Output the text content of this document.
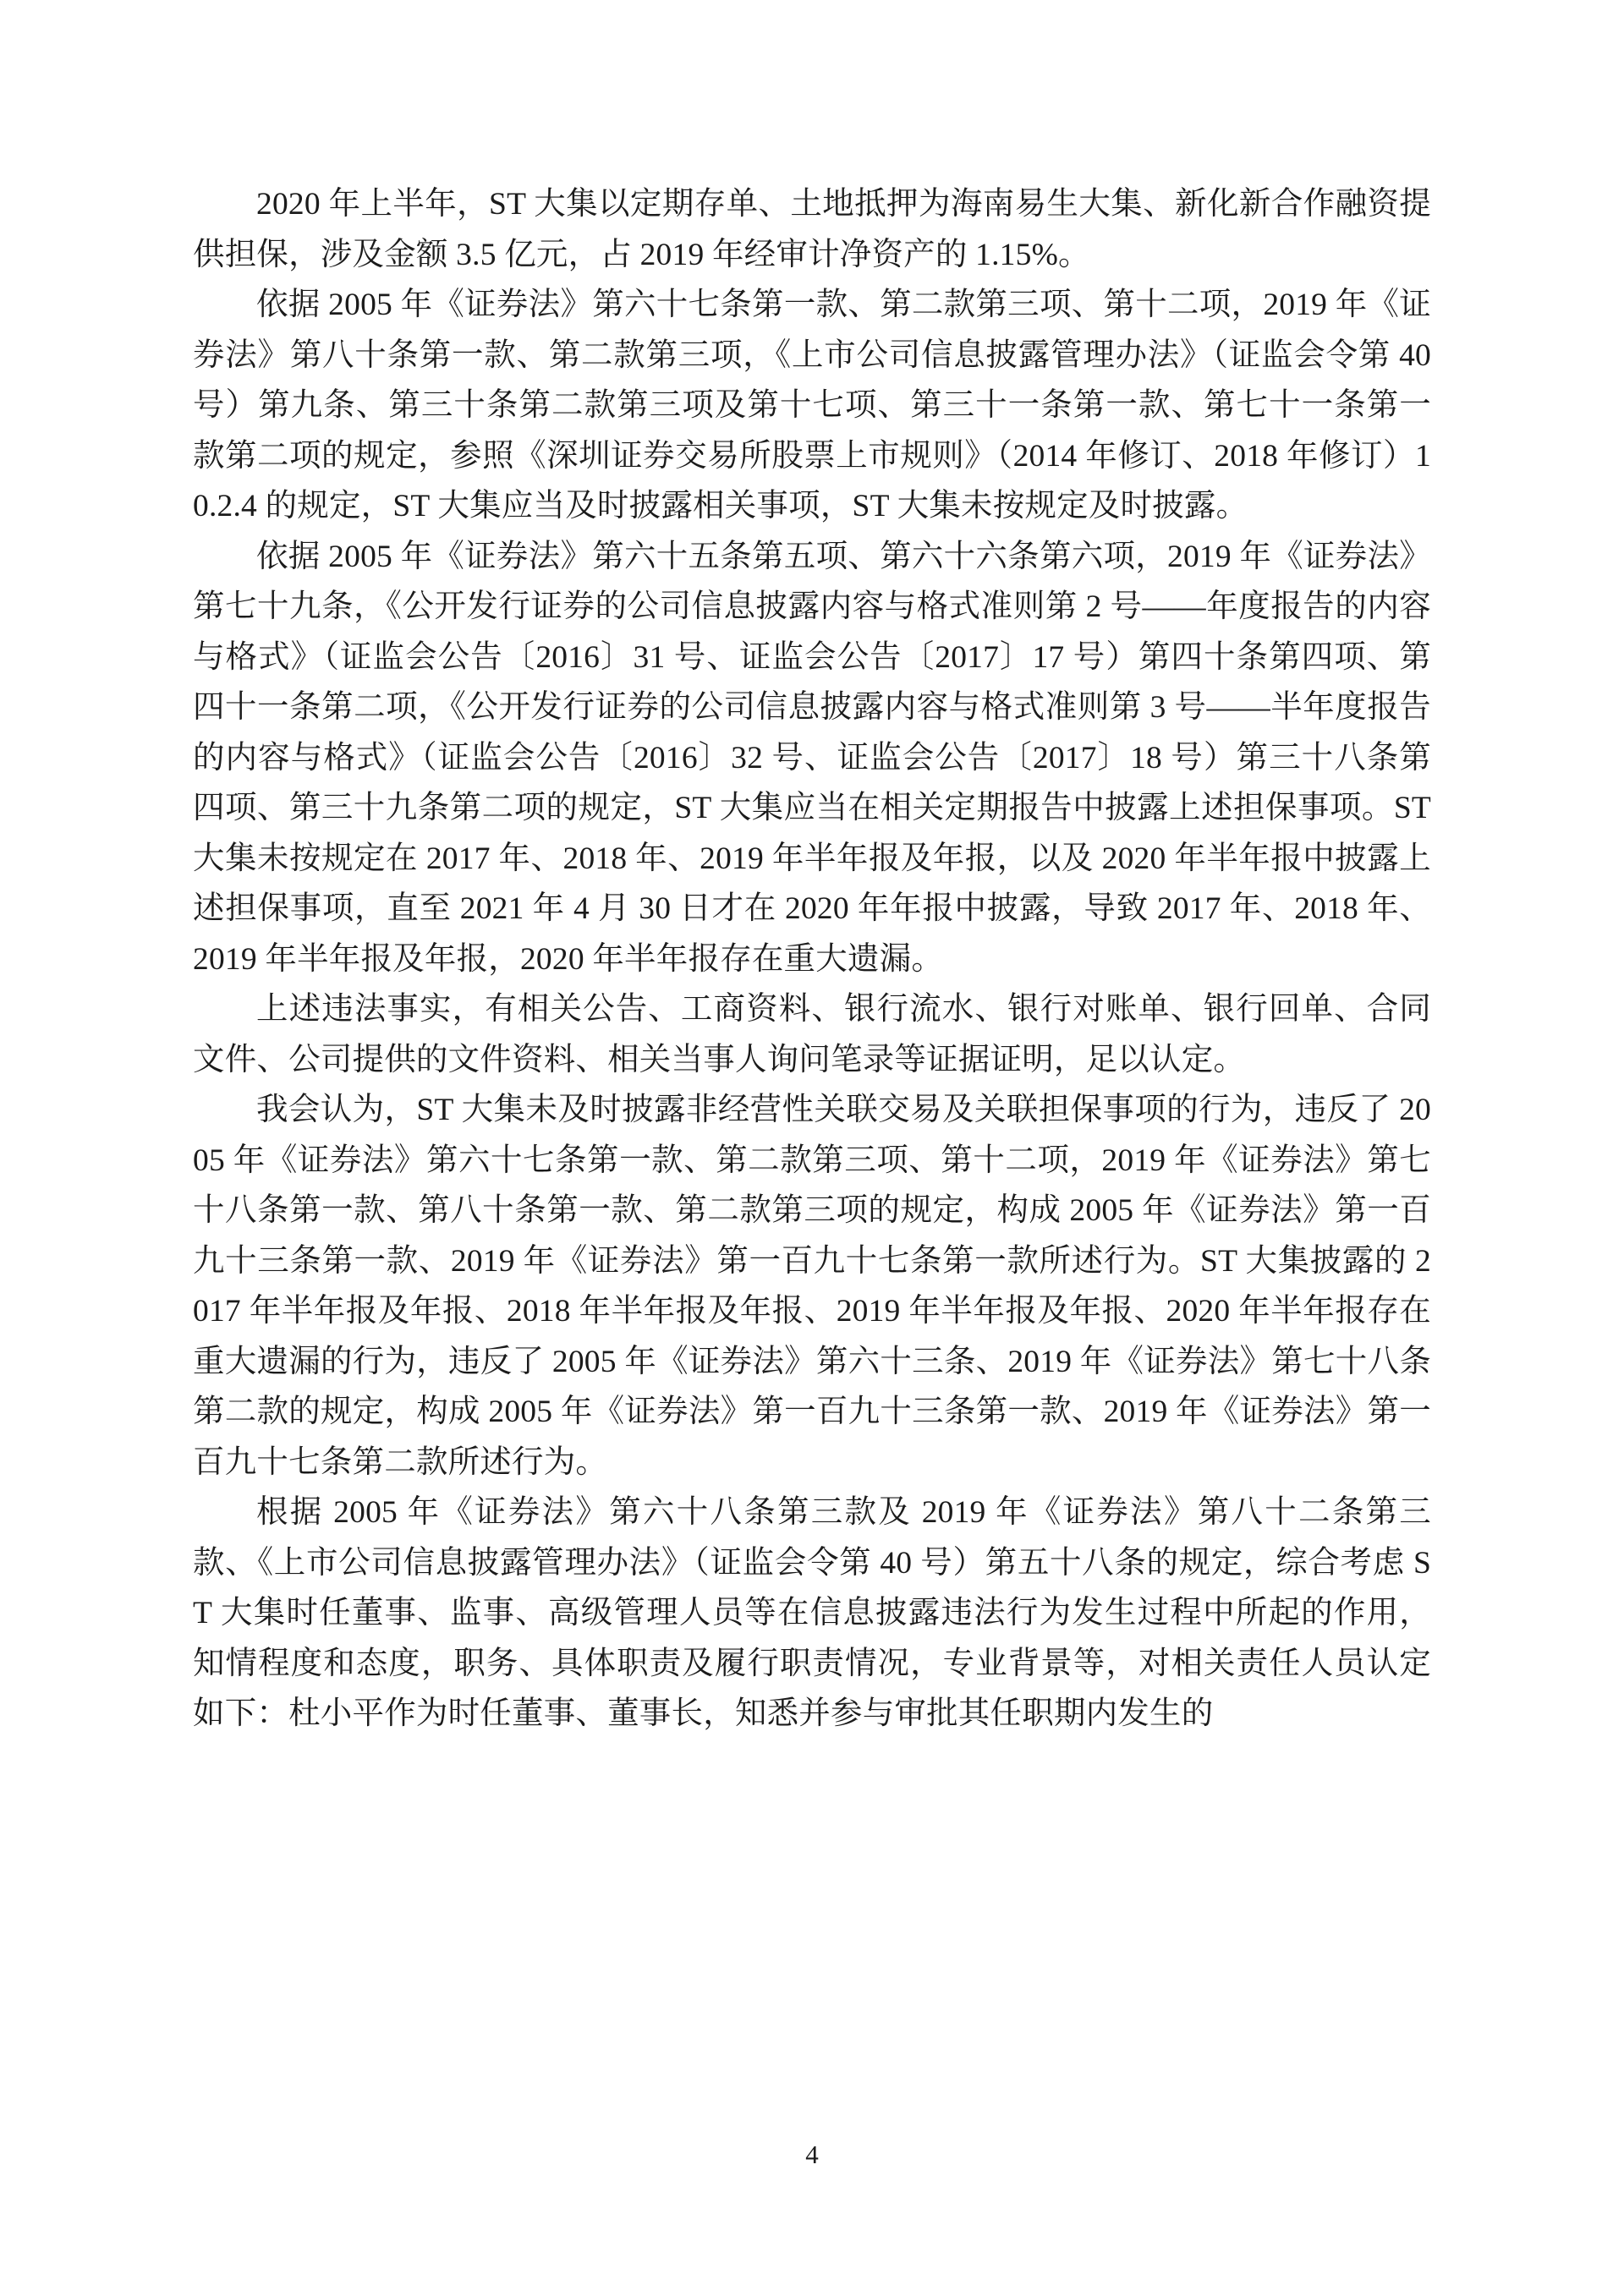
2020 年上半年，ST 大集以定期存单、土地抵押为海南易生大集、新化新合作融资提供担保，涉及金额 3.5 亿元，占 2019 年经审计净资产的 1.15%。

依据 2005 年《证券法》第六十七条第一款、第二款第三项、第十二项，2019 年《证券法》第八十条第一款、第二款第三项，《上市公司信息披露管理办法》（证监会令第 40 号）第九条、第三十条第二款第三项及第十七项、第三十一条第一款、第七十一条第一款第二项的规定，参照《深圳证券交易所股票上市规则》（2014 年修订、2018 年修订）10.2.4 的规定，ST 大集应当及时披露相关事项，ST 大集未按规定及时披露。

依据 2005 年《证券法》第六十五条第五项、第六十六条第六项，2019 年《证券法》第七十九条，《公开发行证券的公司信息披露内容与格式准则第 2 号——年度报告的内容与格式》（证监会公告〔2016〕31 号、证监会公告〔2017〕17 号）第四十条第四项、第四十一条第二项，《公开发行证券的公司信息披露内容与格式准则第 3 号——半年度报告的内容与格式》（证监会公告〔2016〕32 号、证监会公告〔2017〕18 号）第三十八条第四项、第三十九条第二项的规定，ST 大集应当在相关定期报告中披露上述担保事项。ST 大集未按规定在 2017 年、2018 年、2019 年半年报及年报，以及 2020 年半年报中披露上述担保事项，直至 2021 年 4 月 30 日才在 2020 年年报中披露，导致 2017 年、2018 年、2019 年半年报及年报，2020 年半年报存在重大遗漏。

上述违法事实，有相关公告、工商资料、银行流水、银行对账单、银行回单、合同文件、公司提供的文件资料、相关当事人询问笔录等证据证明，足以认定。

我会认为，ST 大集未及时披露非经营性关联交易及关联担保事项的行为，违反了 2005 年《证券法》第六十七条第一款、第二款第三项、第十二项，2019 年《证券法》第七十八条第一款、第八十条第一款、第二款第三项的规定，构成 2005 年《证券法》第一百九十三条第一款、2019 年《证券法》第一百九十七条第一款所述行为。ST 大集披露的 2017 年半年报及年报、2018 年半年报及年报、2019 年半年报及年报、2020 年半年报存在重大遗漏的行为，违反了 2005 年《证券法》第六十三条、2019 年《证券法》第七十八条第二款的规定，构成 2005 年《证券法》第一百九十三条第一款、2019 年《证券法》第一百九十七条第二款所述行为。

根据 2005 年《证券法》第六十八条第三款及 2019 年《证券法》第八十二条第三款、《上市公司信息披露管理办法》（证监会令第 40 号）第五十八条的规定，综合考虑 ST 大集时任董事、监事、高级管理人员等在信息披露违法行为发生过程中所起的作用，知情程度和态度，职务、具体职责及履行职责情况，专业背景等，对相关责任人员认定如下：杜小平作为时任董事、董事长，知悉并参与审批其任职期内发生的

4
